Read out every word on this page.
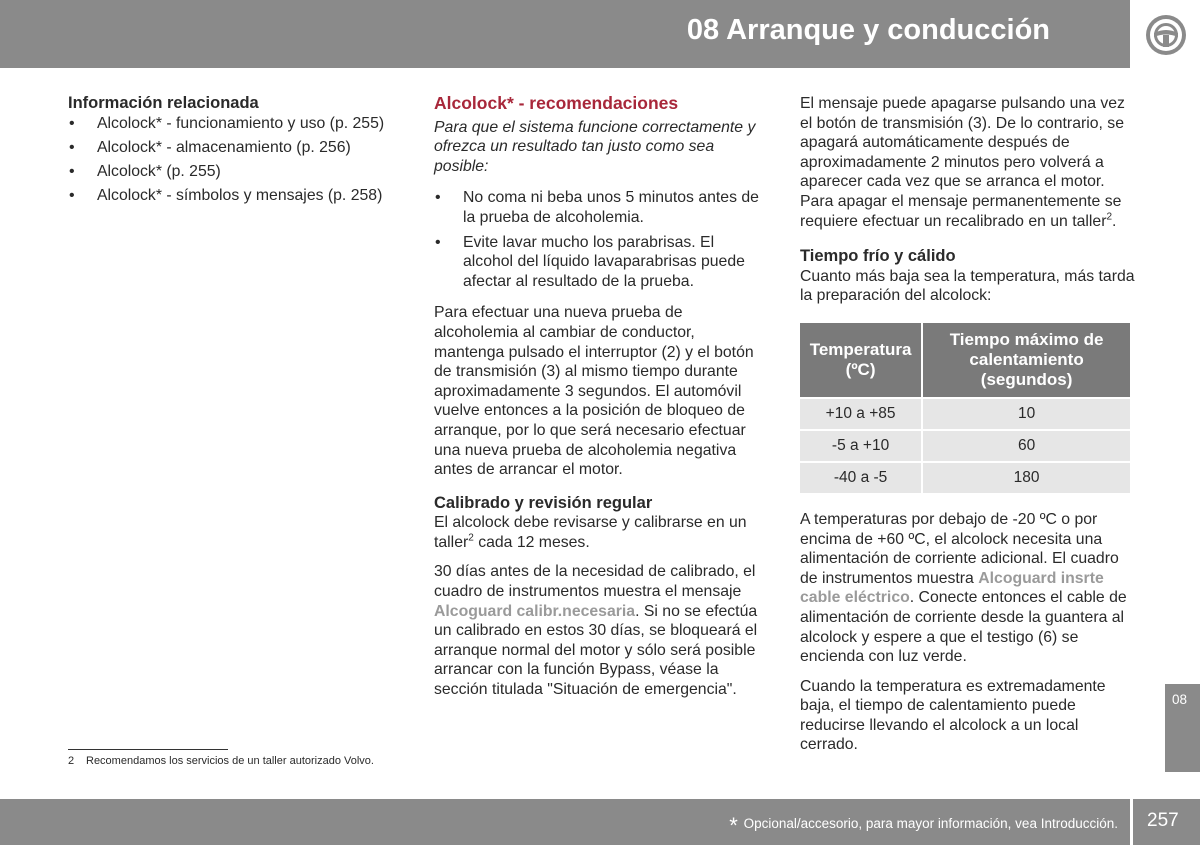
08 Arranque y conducción
Información relacionada
• Alcolock* - funcionamiento y uso (p. 255)
• Alcolock* - almacenamiento (p. 256)
• Alcolock* (p. 255)
• Alcolock* - símbolos y mensajes (p. 258)
Alcolock* - recomendaciones

Para que el sistema funcione correctamente y ofrezca un resultado tan justo como sea posible:

• No coma ni beba unos 5 minutos antes de la prueba de alcoholemia.
• Evite lavar mucho los parabrisas. El alcohol del líquido lavaparabrisas puede afectar al resultado de la prueba.

Para efectuar una nueva prueba de alcoholemia al cambiar de conductor, mantenga pulsado el interruptor (2) y el botón de transmisión (3) al mismo tiempo durante aproximadamente 3 segundos. El automóvil vuelve entonces a la posición de bloqueo de arranque, por lo que será necesario efectuar una nueva prueba de alcoholemia negativa antes de arrancar el motor.

Calibrado y revisión regular

El alcolock debe revisarse y calibrarse en un taller$^2$ cada 12 meses.

30 días antes de la necesidad de calibrado, el cuadro de instrumentos muestra el mensaje Alcoguard calibr.necesaria. Si no se efectúa un calibrado en estos 30 días, se bloqueará el arranque normal del motor y sólo será posible arrancar con la función Bypass, véase la sección titulada "Situación de emergencia".

El mensaje puede apagarse pulsando una vez el botón de transmisión (3). De lo contrario, se apagará automáticamente después de aproximadamente 2 minutos pero volverá a aparecer cada vez que se arranca el motor. Para apagar el mensaje permanentemente se requiere efectuar un recalibrado en un taller$^2$.

Tiempo frío y cálido

Cuanto más baja sea la temperatura, más tarda la preparación del alcolock:

Temperatura (ºC)	Tiempo máximo de calentamiento (segundos)
+10 a +85	10
-5 a +10	60
-40 a -5	180

A temperaturas por debajo de -20 ºC o por encima de +60 ºC, el alcolock necesita una alimentación de corriente adicional. El cuadro de instrumentos muestra Alcoguard insrte cable eléctrico. Conecte entonces el cable de alimentación de corriente desde la guantera al alcolock y espere a que el testigo (6) se encienda con luz verde.

Cuando la temperatura es extremadamente baja, el tiempo de calentamiento puede reducirse llevando el alcolock a un local cerrado.

08
2 Recomendamos los servicios de un taller autorizado Volvo.
* Opcional/accesorio, para mayor información, vea Introducción. 257
